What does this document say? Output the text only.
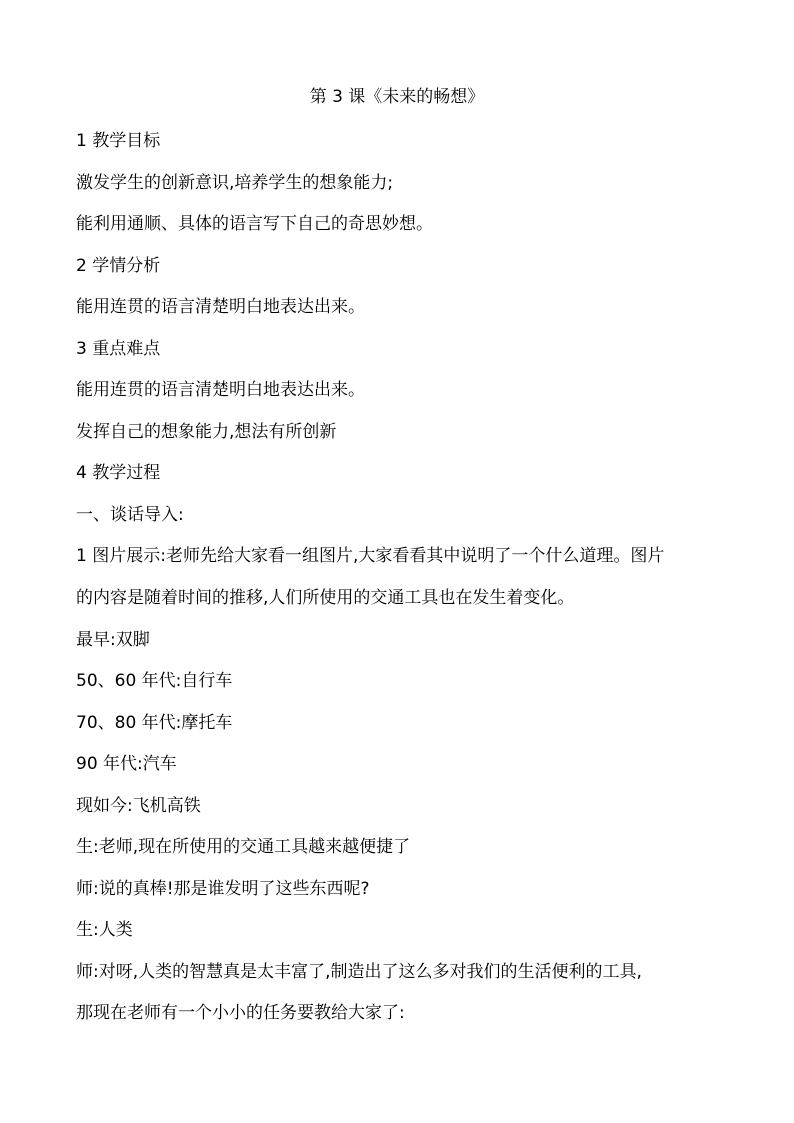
第 3 课《未来的畅想》
1 教学目标
激发学生的创新意识,培养学生的想象能力;
能利用通顺、具体的语言写下自己的奇思妙想。
2 学情分析
能用连贯的语言清楚明白地表达出来。
3 重点难点
能用连贯的语言清楚明白地表达出来。
发挥自己的想象能力,想法有所创新
4 教学过程
一、谈话导入:
1 图片展示:老师先给大家看一组图片,大家看看其中说明了一个什么道理。图片
的内容是随着时间的推移,人们所使用的交通工具也在发生着变化。
最早:双脚
50、60 年代:自行车
70、80 年代:摩托车
90 年代:汽车
现如今:飞机高铁
生:老师,现在所使用的交通工具越来越便捷了
师:说的真棒!那是谁发明了这些东西呢?
生:人类
师:对呀,人类的智慧真是太丰富了,制造出了这么多对我们的生活便利的工具,
那现在老师有一个小小的任务要教给大家了:
